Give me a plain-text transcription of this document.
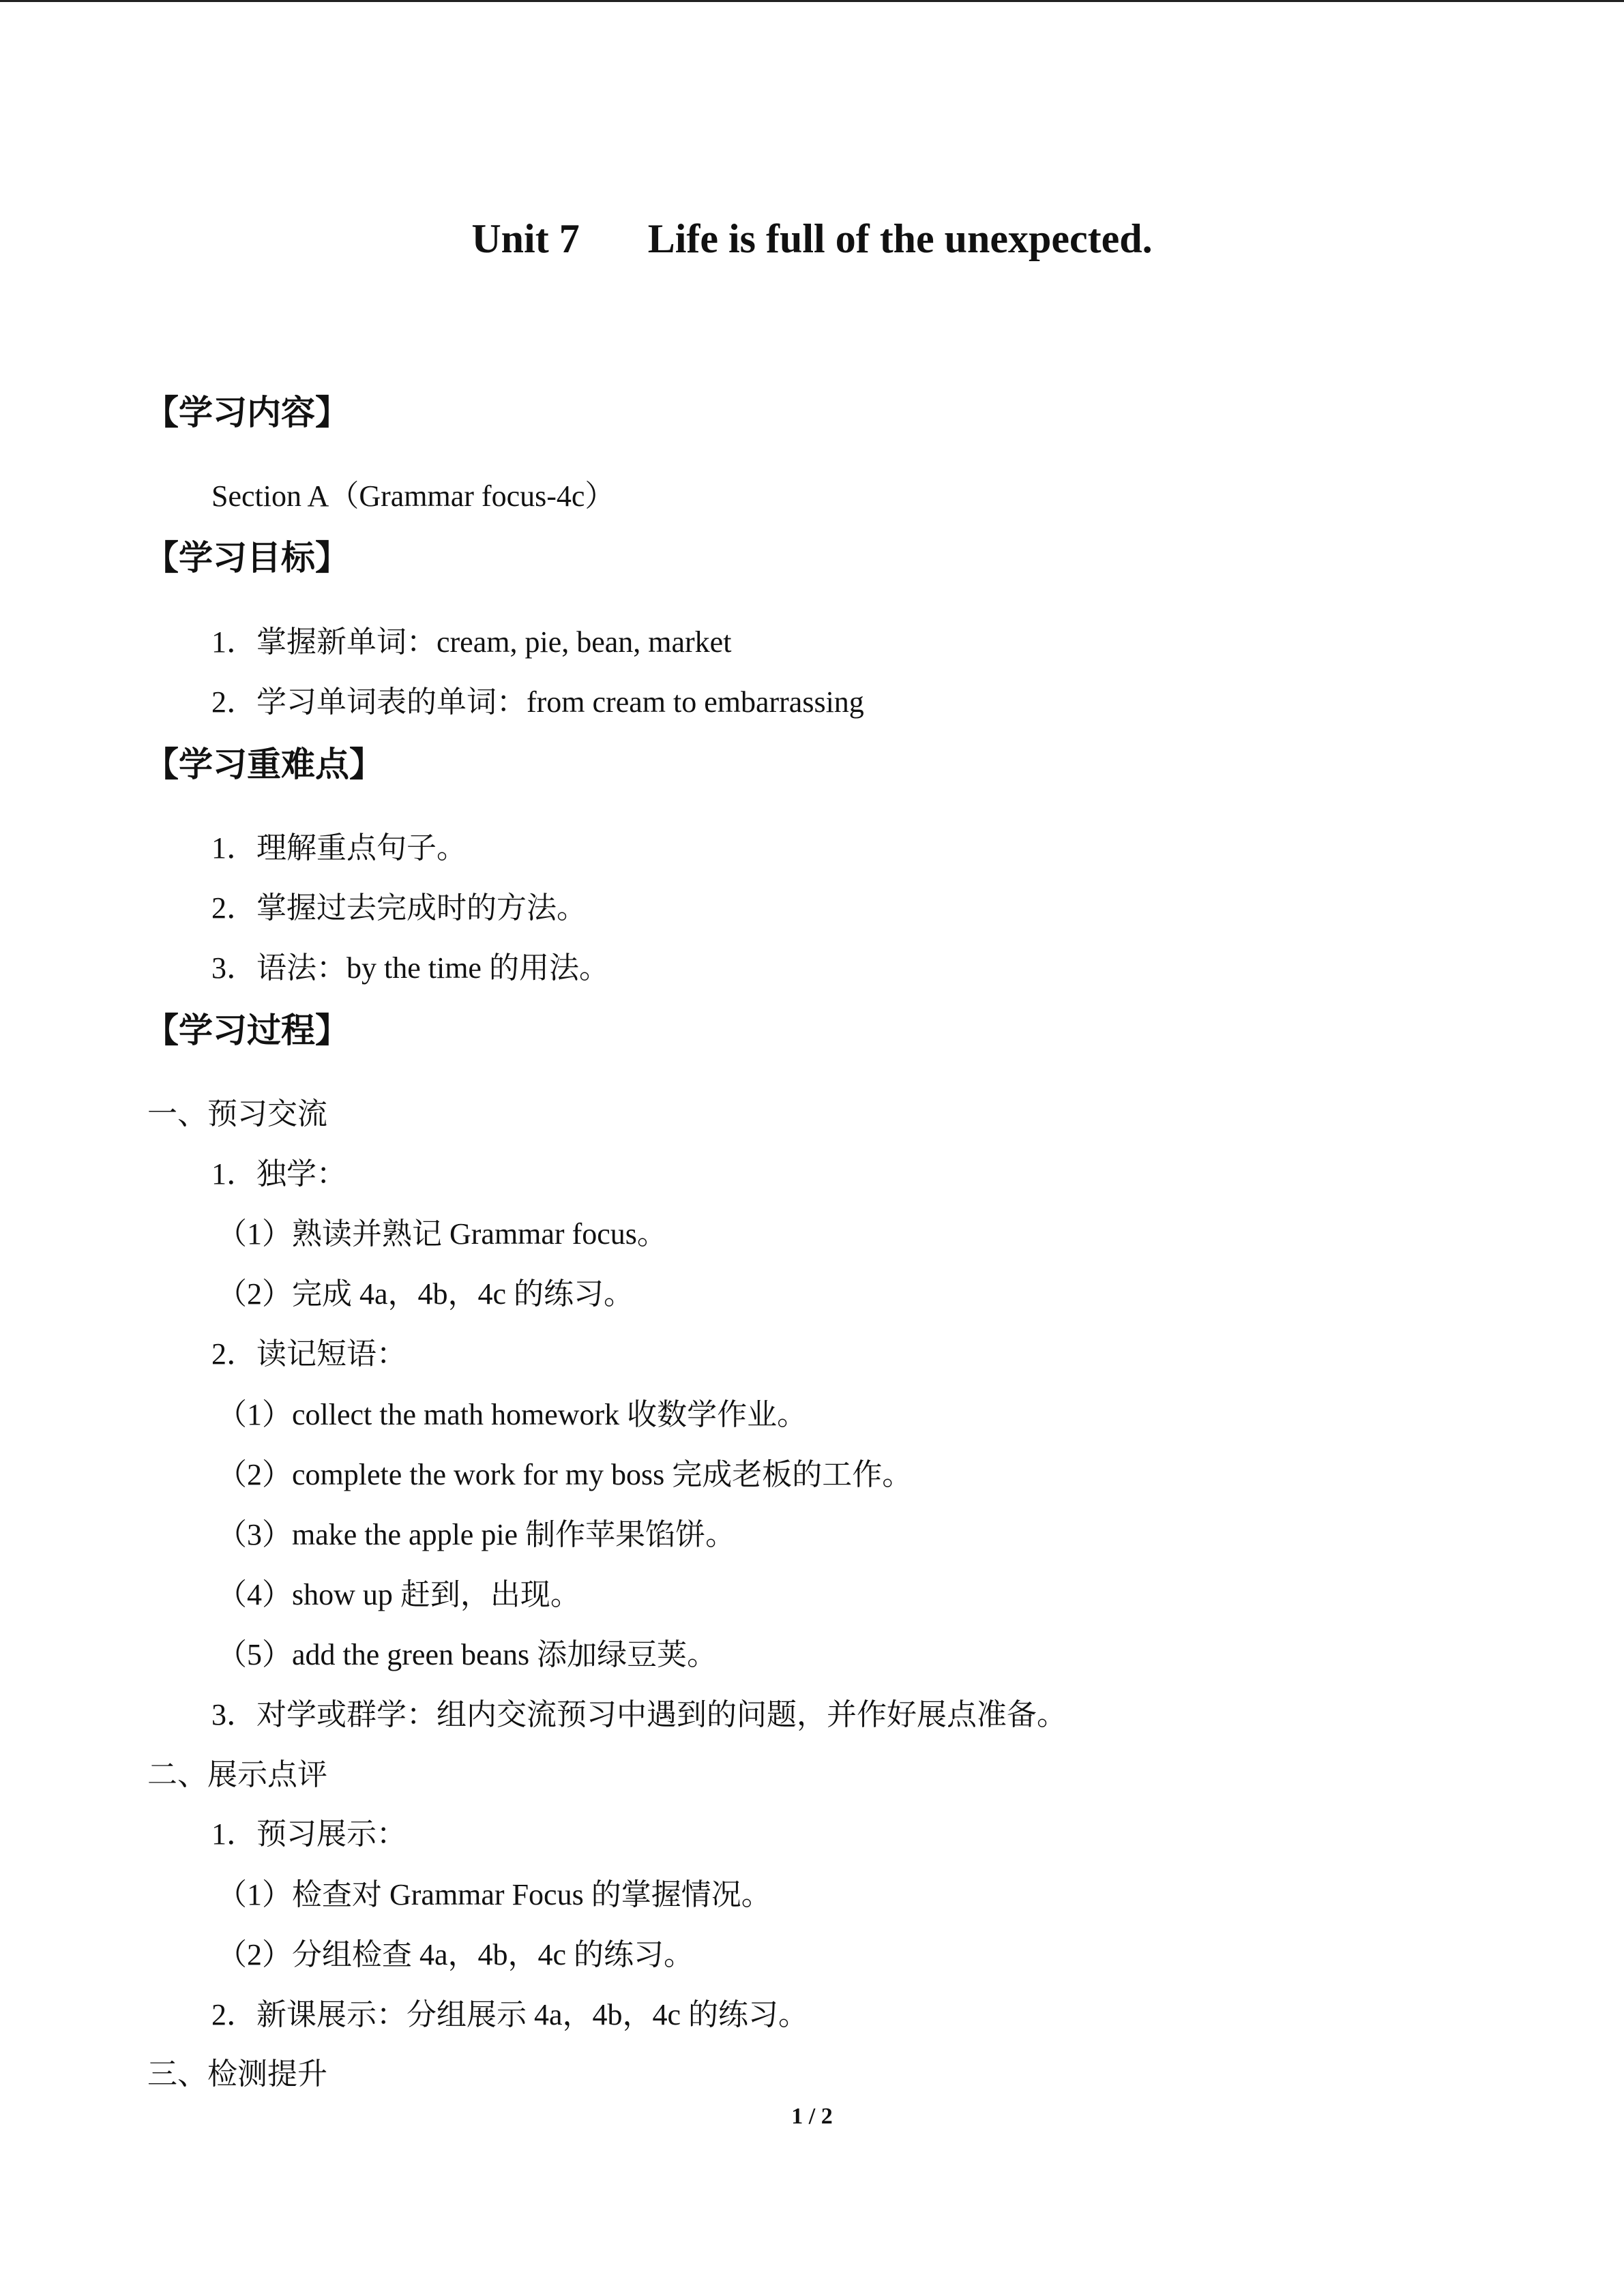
Unit 7 Life is full of the unexpected.
【学习内容】
Section A（Grammar focus-4c）
【学习目标】
1．掌握新单词：cream, pie, bean, market
2．学习单词表的单词：from cream to embarrassing
【学习重难点】
1．理解重点句子。
2．掌握过去完成时的方法。
3．语法：by the time 的用法。
【学习过程】
一、预习交流
1．独学：
（1）熟读并熟记 Grammar focus。
（2）完成 4a，4b，4c 的练习。
2．读记短语：
（1）collect the math homework 收数学作业。
（2）complete the work for my boss 完成老板的工作。
（3）make the apple pie 制作苹果馅饼。
（4）show up 赶到，出现。
（5）add the green beans 添加绿豆荚。
3．对学或群学：组内交流预习中遇到的问题，并作好展点准备。
二、展示点评
1．预习展示：
（1）检查对 Grammar Focus 的掌握情况。
（2）分组检查 4a，4b，4c 的练习。
2．新课展示：分组展示 4a，4b，4c 的练习。
三、检测提升
1 / 2
